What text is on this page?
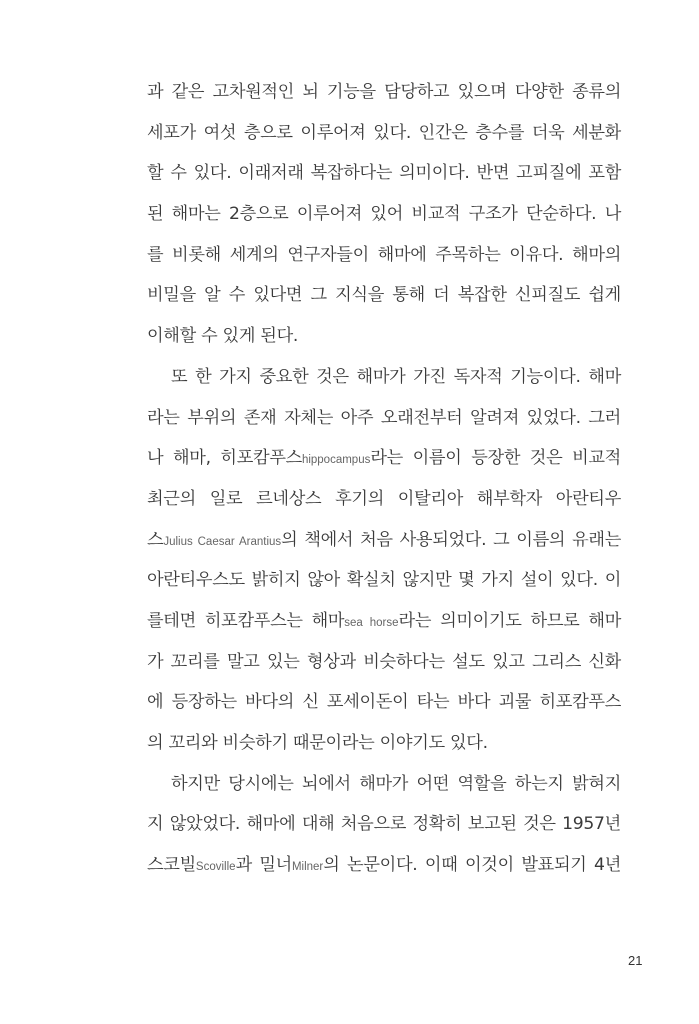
과 같은 고차원적인 뇌 기능을 담당하고 있으며 다양한 종류의
세포가 여섯 층으로 이루어져 있다. 인간은 층수를 더욱 세분화
할 수 있다. 이래저래 복잡하다는 의미이다. 반면 고피질에 포함
된 해마는 2층으로 이루어져 있어 비교적 구조가 단순하다. 나
를 비롯해 세계의 연구자들이 해마에 주목하는 이유다. 해마의
비밀을 알 수 있다면 그 지식을 통해 더 복잡한 신피질도 쉽게
이해할 수 있게 된다.
또 한 가지 중요한 것은 해마가 가진 독자적 기능이다. 해마
라는 부위의 존재 자체는 아주 오래전부터 알려져 있었다. 그러
나 해마, 히포캄푸스hippocampus라는 이름이 등장한 것은 비교적
최근의 일로 르네상스 후기의 이탈리아 해부학자 아란티우
스Julius Caesar Arantius의 책에서 처음 사용되었다. 그 이름의 유래는
아란티우스도 밝히지 않아 확실치 않지만 몇 가지 설이 있다. 이
를테면 히포캄푸스는 해마sea horse라는 의미이기도 하므로 해마
가 꼬리를 말고 있는 형상과 비슷하다는 설도 있고 그리스 신화
에 등장하는 바다의 신 포세이돈이 타는 바다 괴물 히포캄푸스
의 꼬리와 비슷하기 때문이라는 이야기도 있다.
하지만 당시에는 뇌에서 해마가 어떤 역할을 하는지 밝혀지
지 않았었다. 해마에 대해 처음으로 정확히 보고된 것은 1957년
스코빌Scoville과 밀너Milner의 논문이다. 이때 이것이 발표되기 4년
21
